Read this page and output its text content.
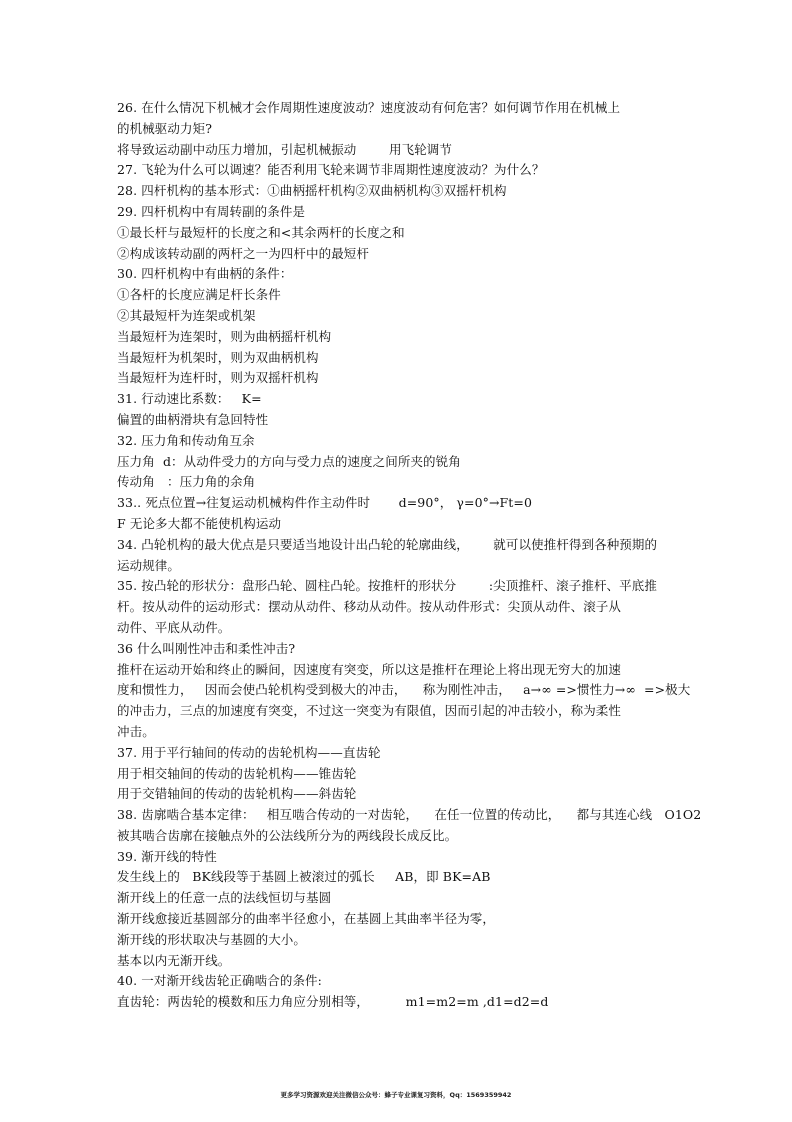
26. 在什么情况下机械才会作周期性速度波动？速度波动有何危害？如何调节作用在机械上
的机械驱动力矩?
将导致运动副中动压力增加，引起机械振动        用飞轮调节
27. 飞轮为什么可以调速？能否利用飞轮来调节非周期性速度波动？为什么？
28. 四杆机构的基本形式：①曲柄摇杆机构②双曲柄机构③双摇杆机构
29. 四杆机构中有周转副的条件是
①最长杆与最短杆的长度之和<其余两杆的长度之和
②构成该转动副的两杆之一为四杆中的最短杆
30. 四杆机构中有曲柄的条件：
①各杆的长度应满足杆长条件
②其最短杆为连架或机架
当最短杆为连架时，则为曲柄摇杆机构
当最短杆为机架时，则为双曲柄机构
当最短杆为连杆时，则为双摇杆机构
31. 行动速比系数：   K=
偏置的曲柄滑块有急回特性
32. 压力角和传动角互余
压力角  d：从动件受力的方向与受力点的速度之间所夹的锐角
传动角   ：压力角的余角
33.. 死点位置→往复运动机械构件作主动件时       d=90°， γ=0°→Ft=0
F 无论多大都不能使机构运动
34. 凸轮机构的最大优点是只要适当地设计出凸轮的轮廓曲线，      就可以使推杆得到各种预期的
运动规律。
35. 按凸轮的形状分：盘形凸轮、圆柱凸轮。按推杆的形状分        :尖顶推杆、滚子推杆、平底推
杆。按从动件的运动形式：摆动从动件、移动从动件。按从动件形式：尖顶从动件、滚子从
动件、平底从动件。
36 什么叫刚性冲击和柔性冲击?
推杆在运动开始和终止的瞬间，因速度有突变，所以这是推杆在理论上将出现无穷大的加速
度和惯性力，   因而会使凸轮机构受到极大的冲击，    称为刚性冲击，   a→∞ =>惯性力→∞  =>极大
的冲击力，三点的加速度有突变，不过这一突变为有限值，因而引起的冲击较小，称为柔性
冲击。
37. 用于平行轴间的传动的齿轮机构——直齿轮
用于相交轴间的传动的齿轮机构——锥齿轮
用于交错轴间的传动的齿轮机构——斜齿轮
38. 齿廓啮合基本定律：   相互啮合传动的一对齿轮，    在任一位置的传动比，    都与其连心线   O1O2
被其啮合齿廓在接触点外的公法线所分为的两线段长成反比。
39. 渐开线的特性
发生线上的   BK线段等于基圆上被滚过的弧长     AB，即 BK=AB
渐开线上的任意一点的法线恒切与基圆
渐开线愈接近基圆部分的曲率半径愈小，在基圆上其曲率半径为零，
渐开线的形状取决与基圆的大小。
基本以内无渐开线。
40. 一对渐开线齿轮正确啮合的条件:
直齿轮：两齿轮的模数和压力角应分别相等，         m1=m2=m ,d1=d2=d
更多学习资源欢迎关注微信公众号：蜂子专业课复习资料，Qq：1569359942
